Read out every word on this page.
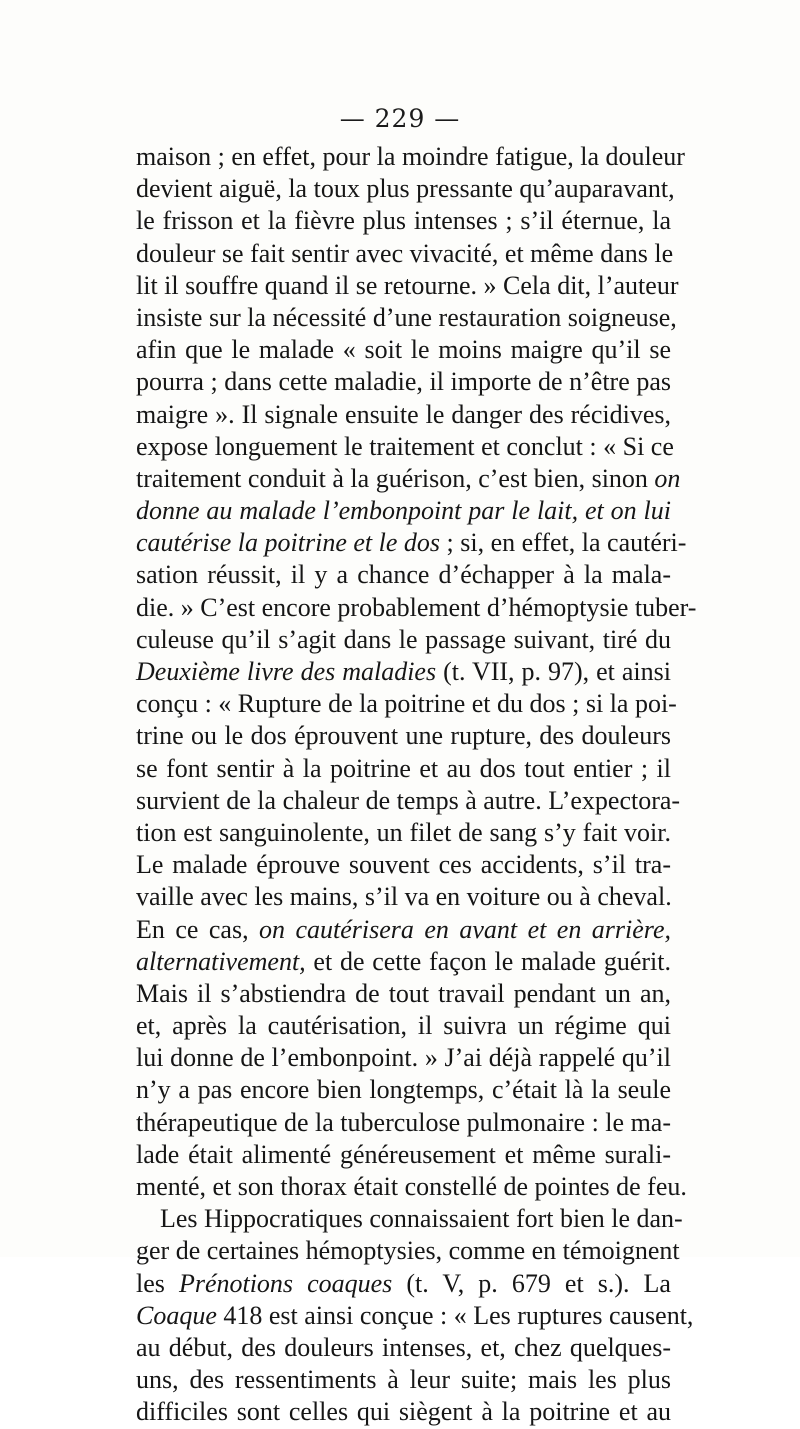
— 229 —
maison ; en effet, pour la moindre fatigue, la douleur
devient aiguë, la toux plus pressante qu’auparavant,
le frisson et la fièvre plus intenses ; s’il éternue, la
douleur se fait sentir avec vivacité, et même dans le
lit il souffre quand il se retourne. » Cela dit, l’auteur
insiste sur la nécessité d’une restauration soigneuse,
afin que le malade « soit le moins maigre qu’il se
pourra ; dans cette maladie, il importe de n’être pas
maigre ». Il signale ensuite le danger des récidives,
expose longuement le traitement et conclut : « Si ce
traitement conduit à la guérison, c’est bien, sinon on
donne au malade l’embonpoint par le lait, et on lui
cautérise la poitrine et le dos ; si, en effet, la cautéri-
sation réussit, il y a chance d’échapper à la mala-
die. » C’est encore probablement d’hémoptysie tuber-
culeuse qu’il s’agit dans le passage suivant, tiré du
Deuxième livre des maladies (t. VII, p. 97), et ainsi
conçu : « Rupture de la poitrine et du dos ; si la poi-
trine ou le dos éprouvent une rupture, des douleurs
se font sentir à la poitrine et au dos tout entier ; il
survient de la chaleur de temps à autre. L’expectora-
tion est sanguinolente, un filet de sang s’y fait voir.
Le malade éprouve souvent ces accidents, s’il tra-
vaille avec les mains, s’il va en voiture ou à cheval.
En ce cas, on cautérisera en avant et en arrière,
alternativement, et de cette façon le malade guérit.
Mais il s’abstiendra de tout travail pendant un an,
et, après la cautérisation, il suivra un régime qui
lui donne de l’embonpoint. » J’ai déjà rappelé qu’il
n’y a pas encore bien longtemps, c’était là la seule
thérapeutique de la tuberculose pulmonaire : le ma-
lade était alimenté généreusement et même surali-
menté, et son thorax était constellé de pointes de feu.
Les Hippocratiques connaissaient fort bien le dan-
ger de certaines hémoptysies, comme en témoignent
les Prénotions coaques (t. V, p. 679 et s.). La
Coaque 418 est ainsi conçue : « Les ruptures causent,
au début, des douleurs intenses, et, chez quelques-
uns, des ressentiments à leur suite; mais les plus
difficiles sont celles qui siègent à la poitrine et au
